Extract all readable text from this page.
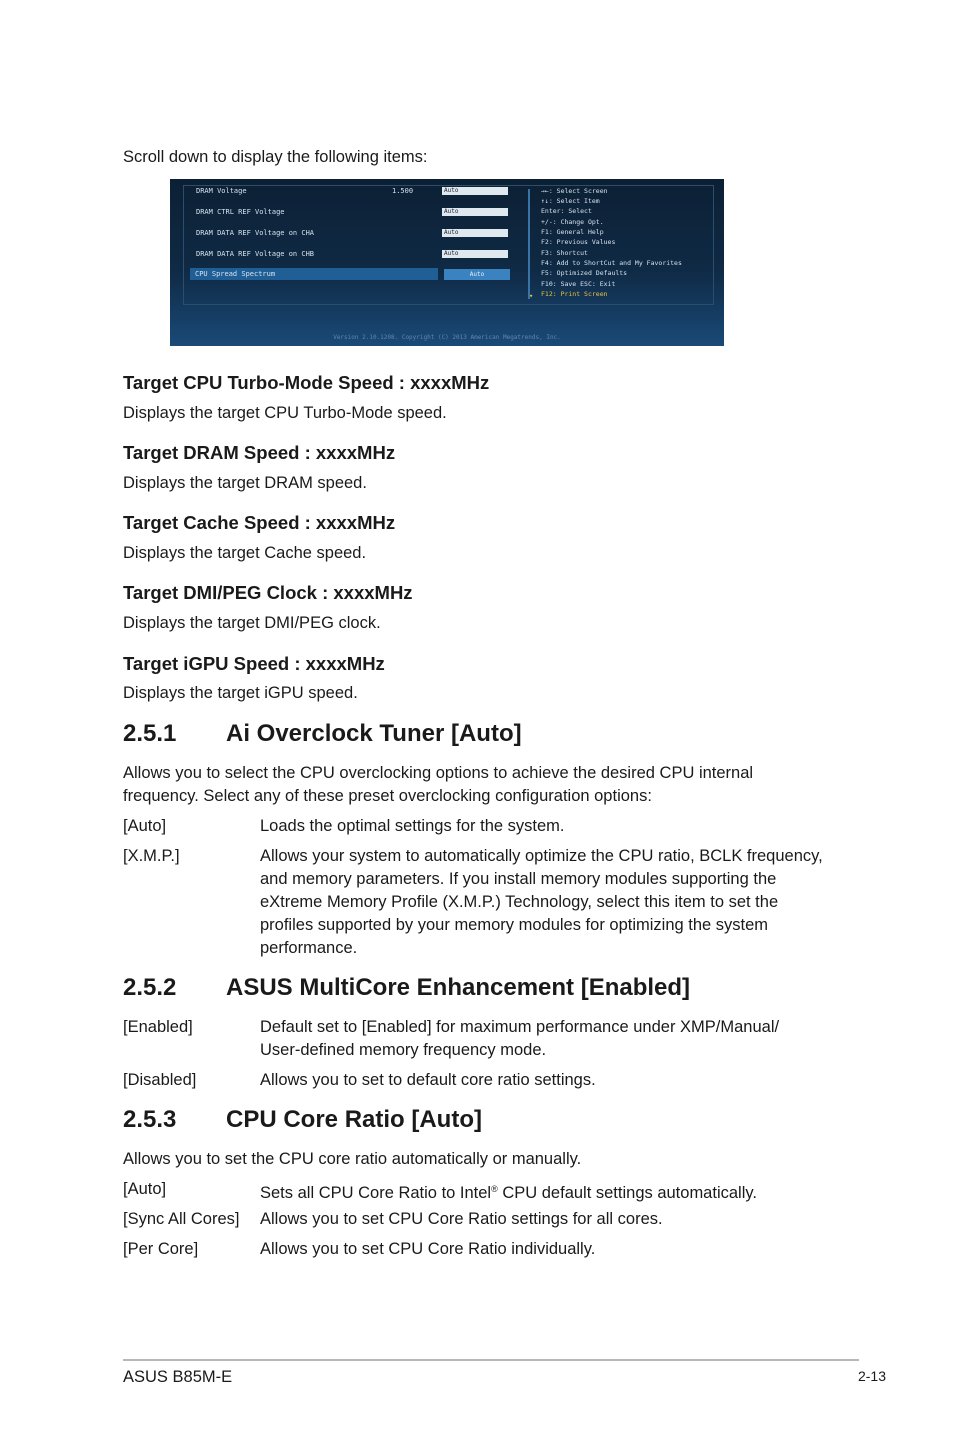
Scroll down to display the following items:
DRAM Voltage	1.500	Auto
DRAM CTRL REF Voltage	Auto
DRAM DATA REF Voltage on CHA	Auto
DRAM DATA REF Voltage on CHB	Auto
CPU Spread Spectrum	Auto
▾
→←: Select Screen
↑↓: Select Item
Enter: Select
+/-: Change Opt.
F1: General Help
F2: Previous Values
F3: Shortcut
F4: Add to ShortCut and My Favorites
F5: Optimized Defaults
F10: Save ESC: Exit
F12: Print Screen
Version 2.10.1208. Copyright (C) 2013 American Megatrends, Inc.
Target CPU Turbo-Mode Speed : xxxxMHz
Displays the target CPU Turbo-Mode speed.
Target DRAM Speed : xxxxMHz
Displays the target DRAM speed.
Target Cache Speed : xxxxMHz
Displays the target Cache speed.
Target DMI/PEG Clock : xxxxMHz
Displays the target DMI/PEG clock.
Target iGPU Speed : xxxxMHz
Displays the target iGPU speed.
2.5.1 Ai Overclock Tuner [Auto]
Allows you to select the CPU overclocking options to achieve the desired CPU internal frequency. Select any of these preset overclocking configuration options:
[Auto]	Loads the optimal settings for the system.
[X.M.P.]	Allows your system to automatically optimize the CPU ratio, BCLK frequency, and memory parameters. If you install memory modules supporting the eXtreme Memory Profile (X.M.P.) Technology, select this item to set the profiles supported by your memory modules for optimizing the system performance.
2.5.2 ASUS MultiCore Enhancement [Enabled]
[Enabled]	Default set to [Enabled] for maximum performance under XMP/Manual/ User-defined memory frequency mode.
[Disabled]	Allows you to set to default core ratio settings.
2.5.3 CPU Core Ratio [Auto]
Allows you to set the CPU core ratio automatically or manually.
[Auto]	Sets all CPU Core Ratio to Intel® CPU default settings automatically.
[Sync All Cores] Allows you to set CPU Core Ratio settings for all cores.
[Per Core]	Allows you to set CPU Core Ratio individually.
ASUS B85M-E	2-13
